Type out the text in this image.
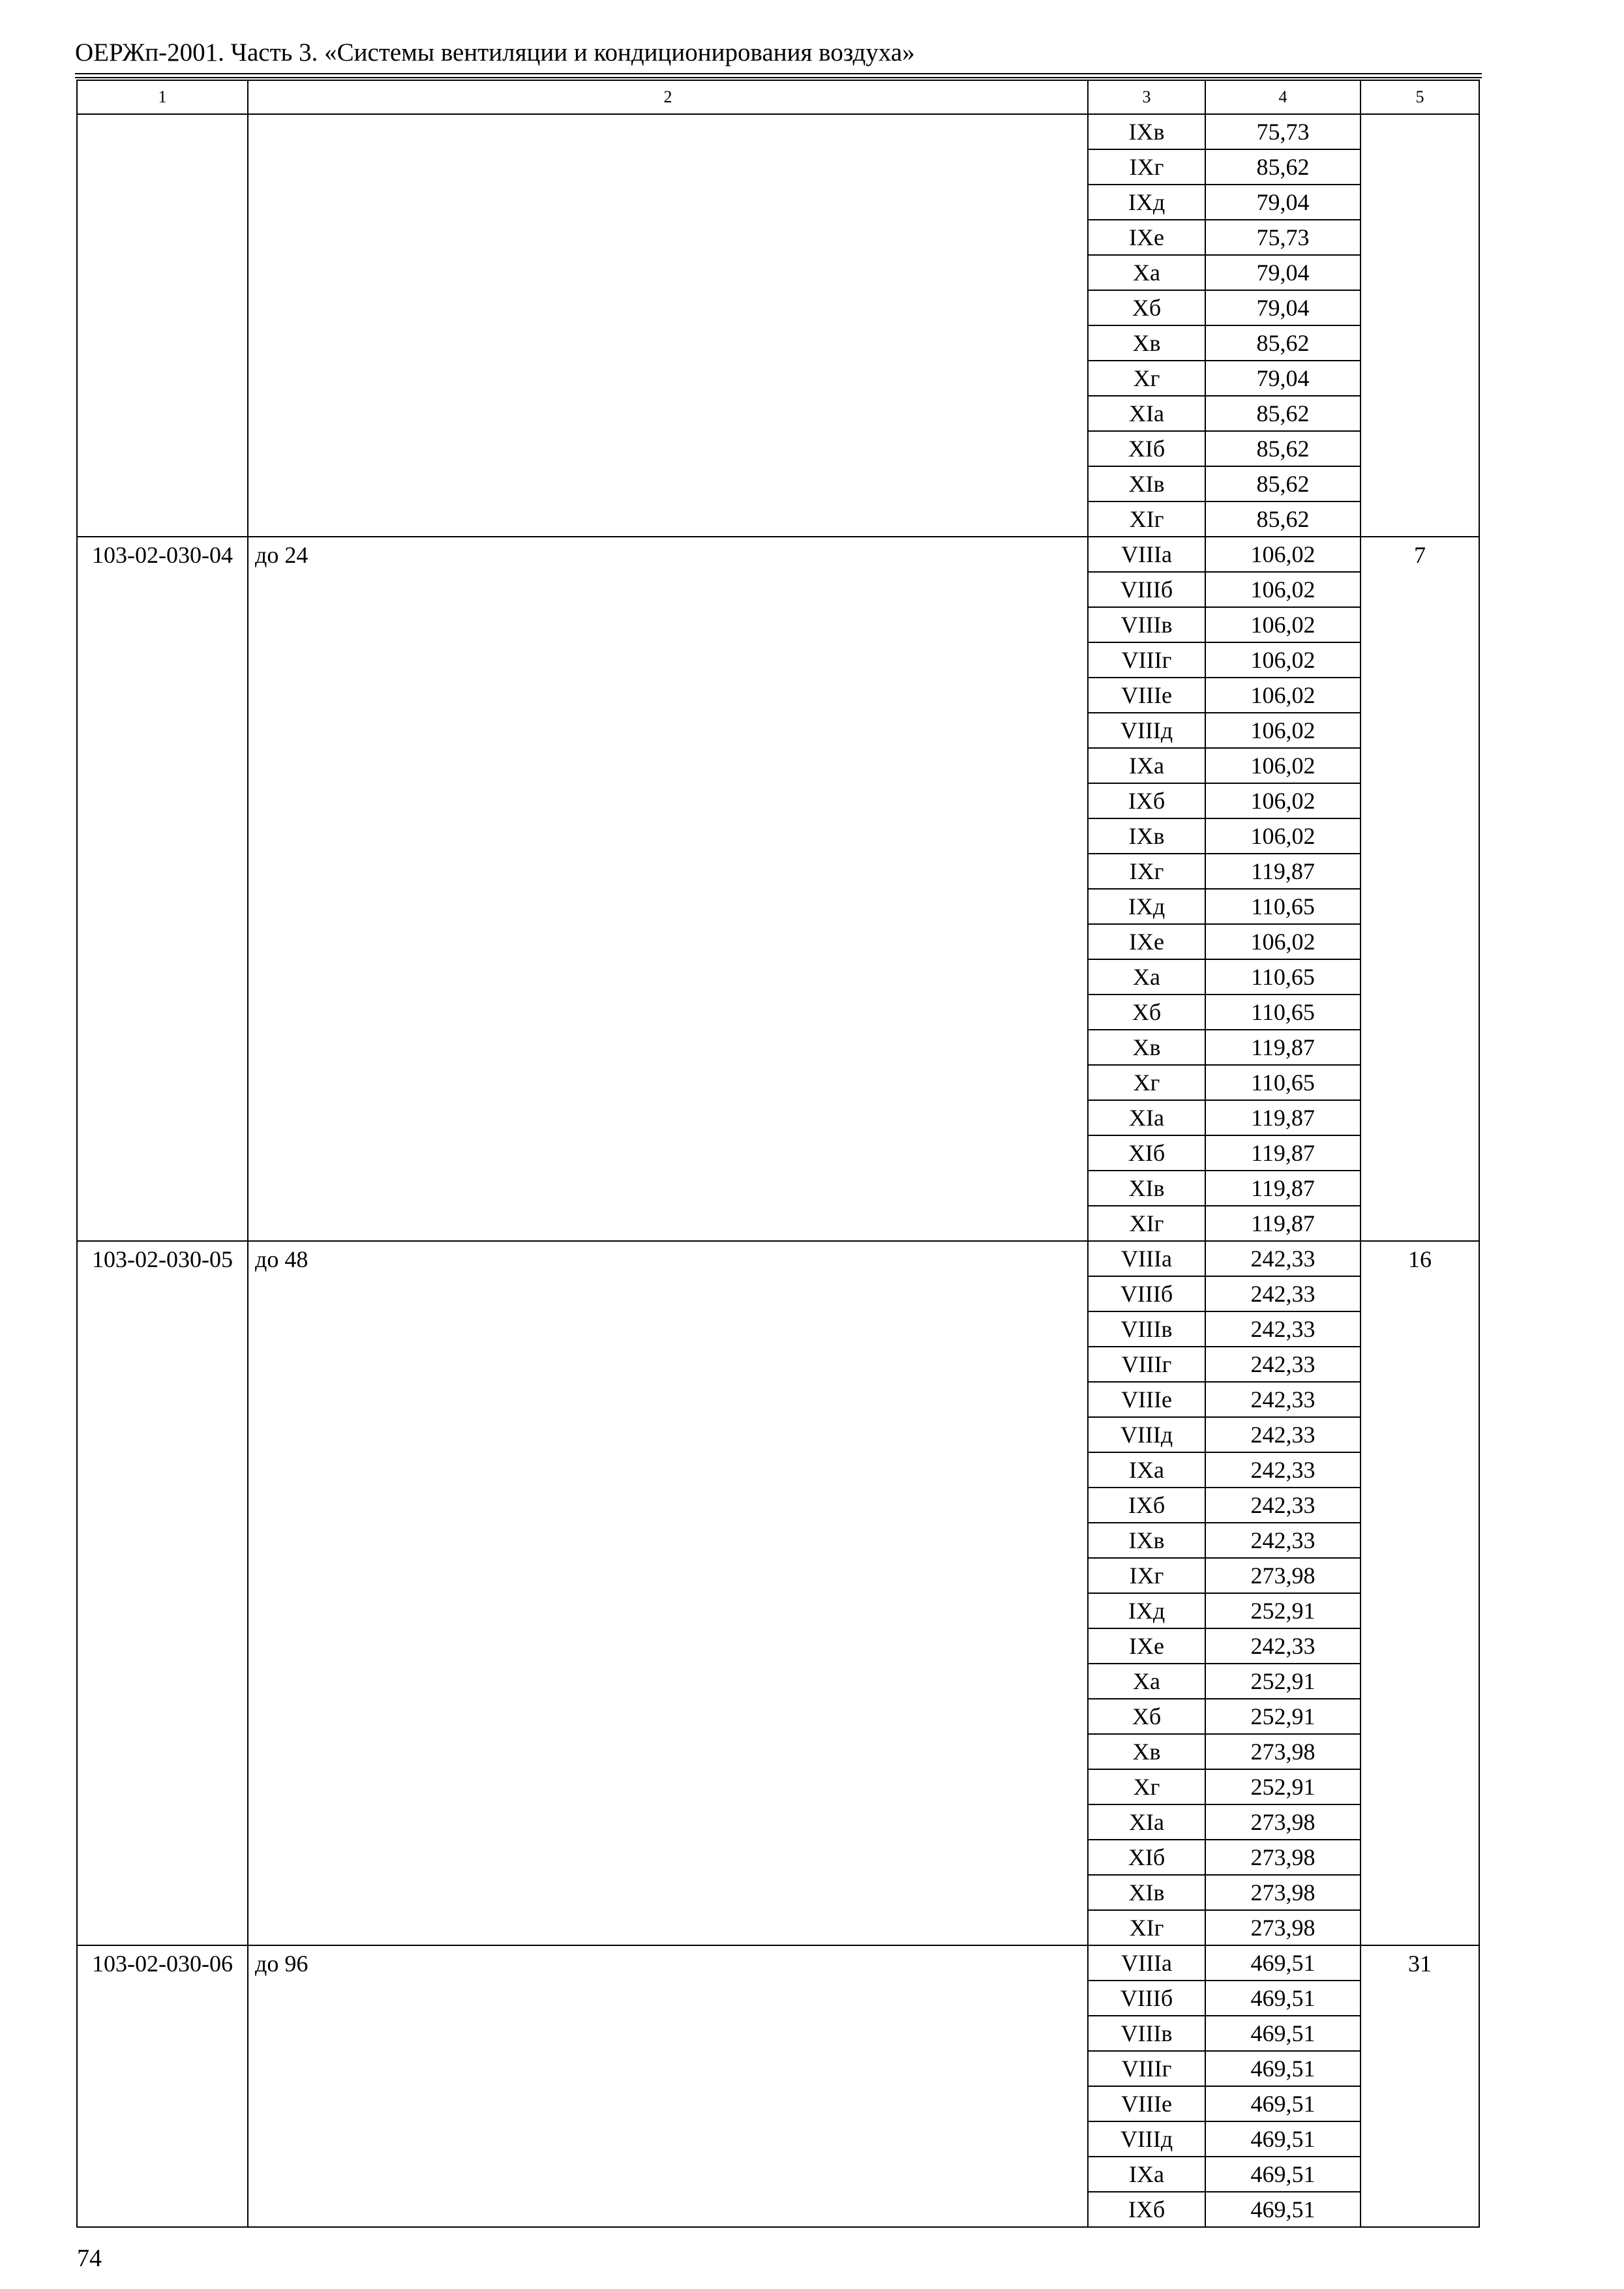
ОЕРЖп-2001. Часть 3. «Системы вентиляции и кондиционирования воздуха»
1	2	3	4	5
		IXв	75,73	
		IXг	85,62	
		IXд	79,04	
		IXе	75,73	
		Xа	79,04	
		Xб	79,04	
		Xв	85,62	
		Xг	79,04	
		XIа	85,62	
		XIб	85,62	
		XIв	85,62	
		XIг	85,62	
103-02-030-04	до 24	VIIIа	106,02	7
		VIIIб	106,02	
		VIIIв	106,02	
		VIIIг	106,02	
		VIIIе	106,02	
		VIIIд	106,02	
		IXа	106,02	
		IXб	106,02	
		IXв	106,02	
		IXг	119,87	
		IXд	110,65	
		IXе	106,02	
		Xа	110,65	
		Xб	110,65	
		Xв	119,87	
		Xг	110,65	
		XIа	119,87	
		XIб	119,87	
		XIв	119,87	
		XIг	119,87	
103-02-030-05	до 48	VIIIа	242,33	16
		VIIIб	242,33	
		VIIIв	242,33	
		VIIIг	242,33	
		VIIIе	242,33	
		VIIIд	242,33	
		IXа	242,33	
		IXб	242,33	
		IXв	242,33	
		IXг	273,98	
		IXд	252,91	
		IXе	242,33	
		Xа	252,91	
		Xб	252,91	
		Xв	273,98	
		Xг	252,91	
		XIа	273,98	
		XIб	273,98	
		XIв	273,98	
		XIг	273,98	
103-02-030-06	до 96	VIIIа	469,51	31
		VIIIб	469,51	
		VIIIв	469,51	
		VIIIг	469,51	
		VIIIе	469,51	
		VIIIд	469,51	
		IXа	469,51	
		IXб	469,51	
74
